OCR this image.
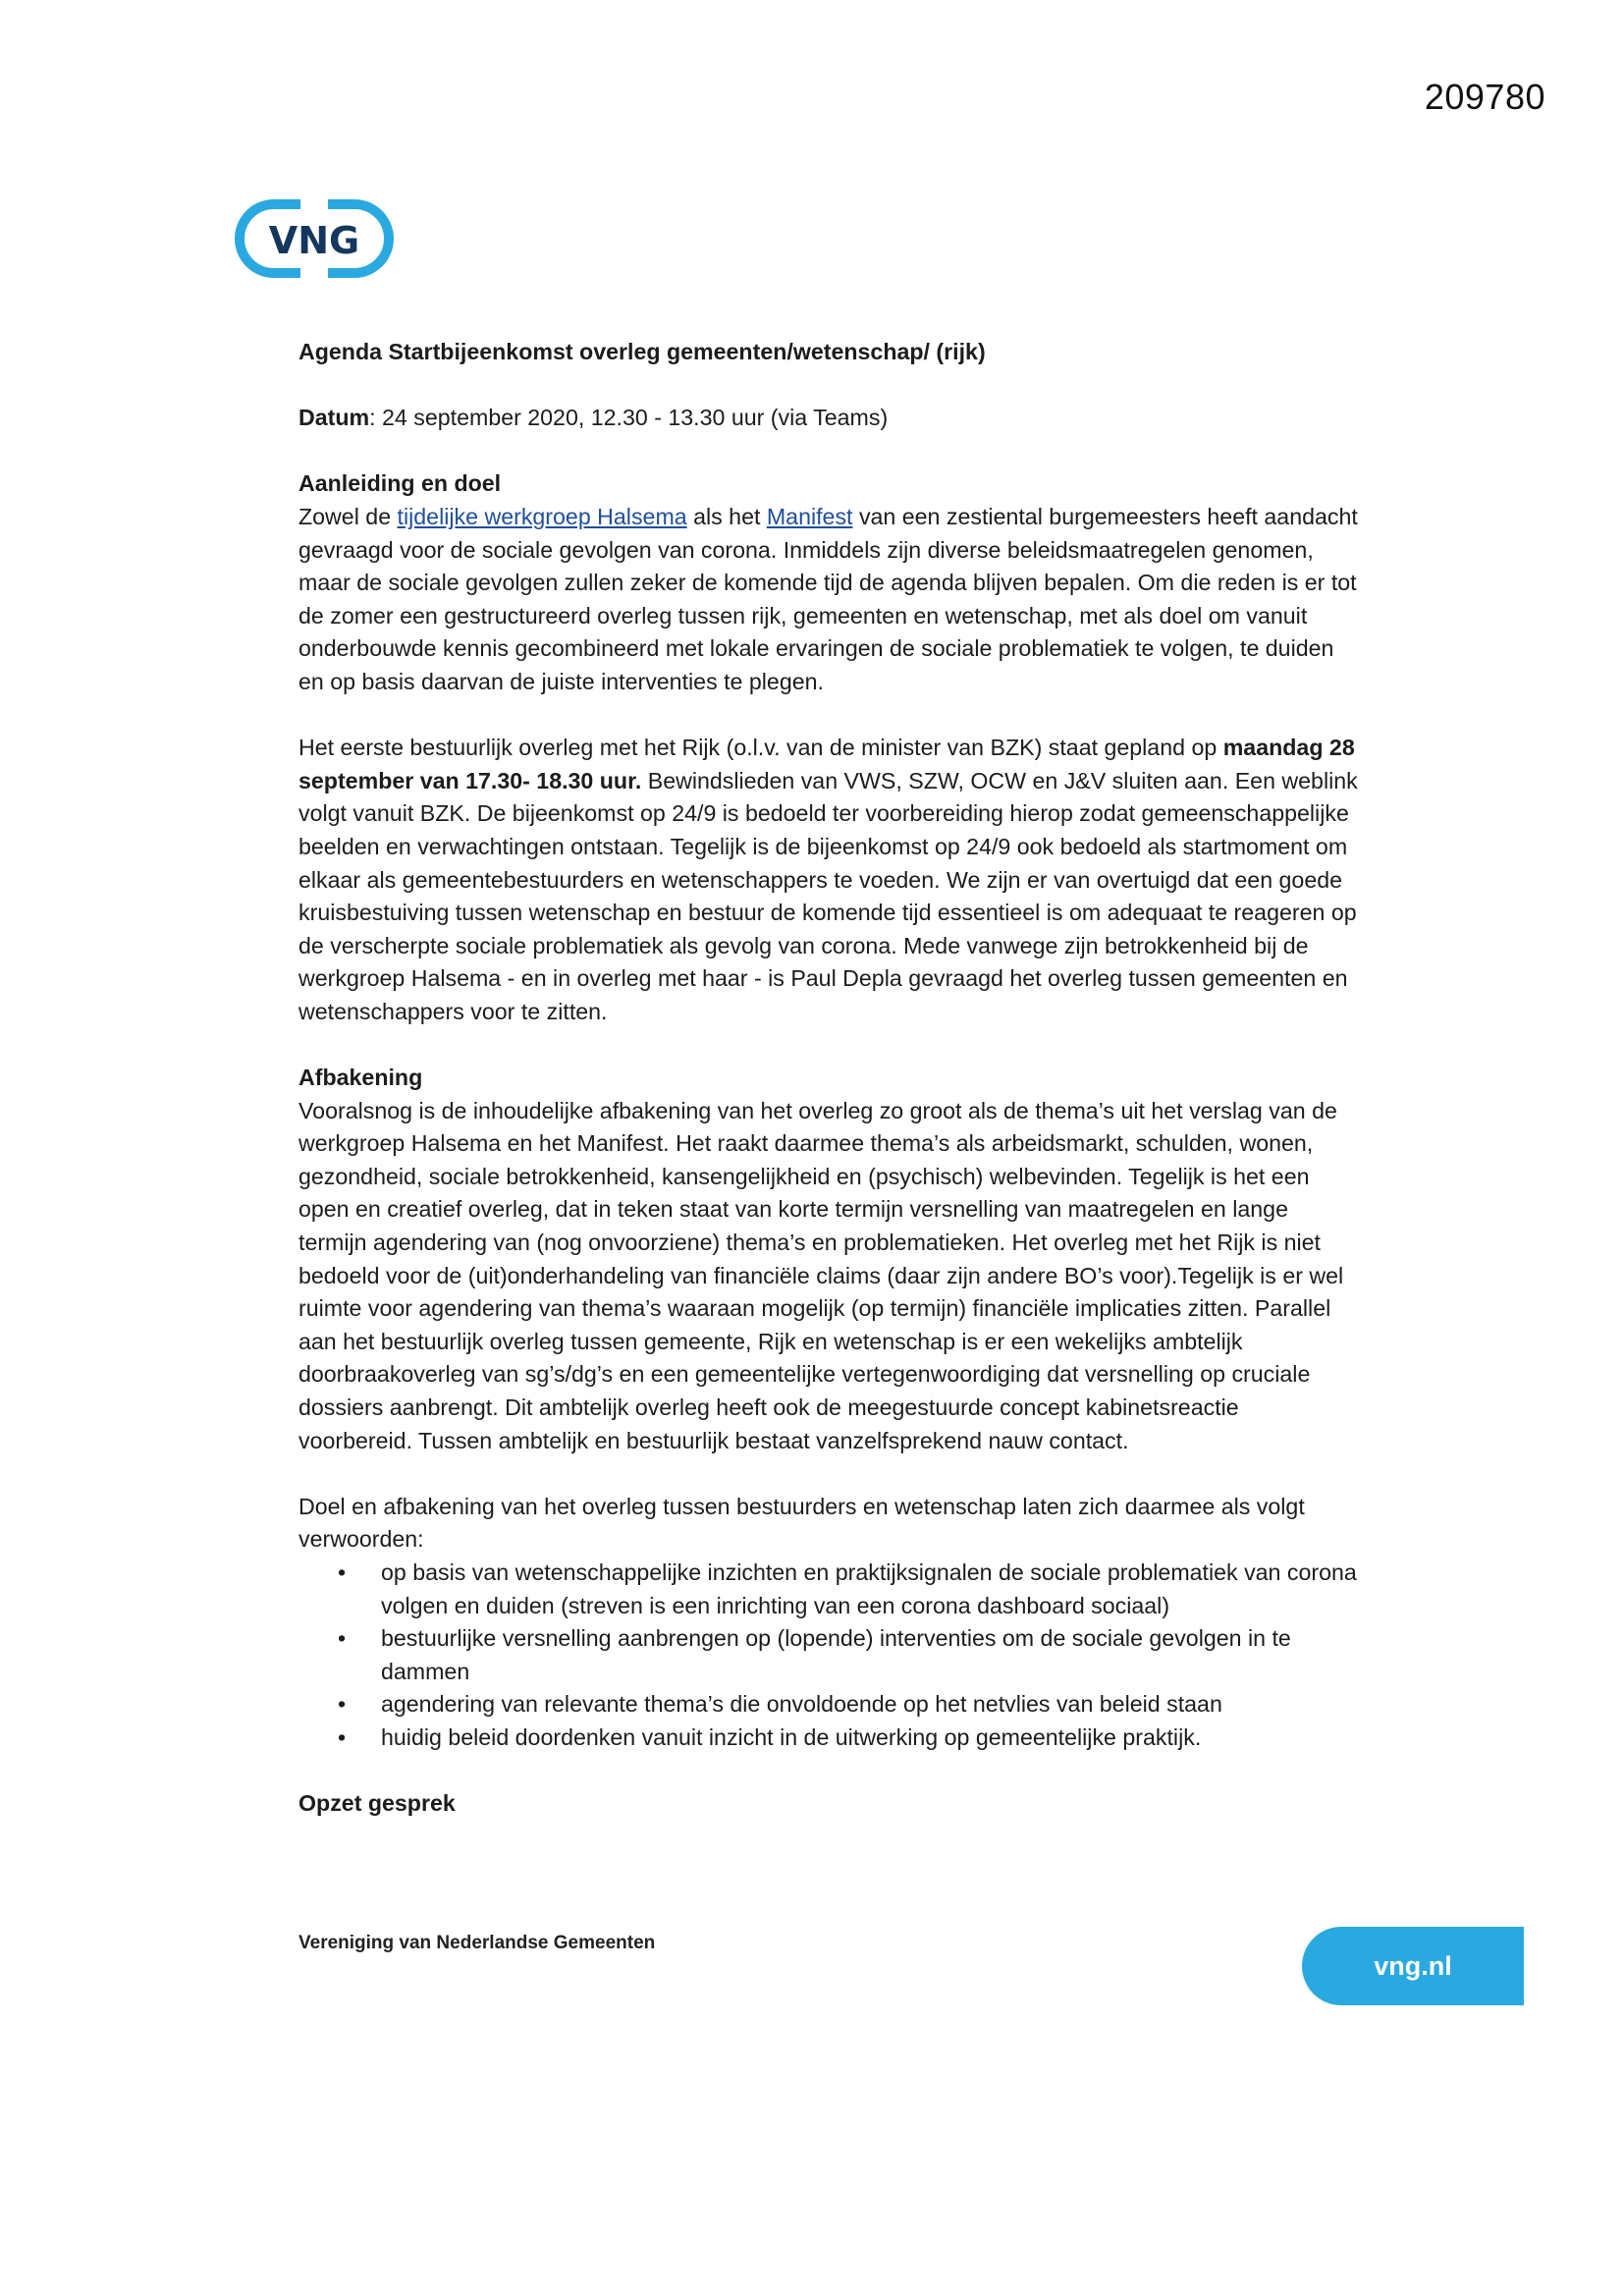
209780
VNG

Agenda Startbijeenkomst overleg gemeenten/wetenschap/ (rijk)

Datum: 24 september 2020, 12.30 - 13.30 uur (via Teams)

Aanleiding en doel

Zowel de tijdelijke werkgroep Halsema als het Manifest van een zestiental burgemeesters heeft aandacht gevraagd voor de sociale gevolgen van corona. Inmiddels zijn diverse beleidsmaatregelen genomen, maar de sociale gevolgen zullen zeker de komende tijd de agenda blijven bepalen. Om die reden is er tot de zomer een gestructureerd overleg tussen rijk, gemeenten en wetenschap, met als doel om vanuit onderbouwde kennis gecombineerd met lokale ervaringen de sociale problematiek te volgen, te duiden en op basis daarvan de juiste interventies te plegen.

Het eerste bestuurlijk overleg met het Rijk (o.l.v. van de minister van BZK) staat gepland op maandag 28 september van 17.30- 18.30 uur. Bewindslieden van VWS, SZW, OCW en J&V sluiten aan. Een weblink volgt vanuit BZK. De bijeenkomst op 24/9 is bedoeld ter voorbereiding hierop zodat gemeenschappelijke beelden en verwachtingen ontstaan. Tegelijk is de bijeenkomst op 24/9 ook bedoeld als startmoment om elkaar als gemeentebestuurders en wetenschappers te voeden. We zijn er van overtuigd dat een goede kruisbestuiving tussen wetenschap en bestuur de komende tijd essentieel is om adequaat te reageren op de verscherpte sociale problematiek als gevolg van corona. Mede vanwege zijn betrokkenheid bij de werkgroep Halsema - en in overleg met haar - is Paul Depla gevraagd het overleg tussen gemeenten en wetenschappers voor te zitten.

Afbakening

Vooralsnog is de inhoudelijke afbakening van het overleg zo groot als de thema’s uit het verslag van de werkgroep Halsema en het Manifest. Het raakt daarmee thema’s als arbeidsmarkt, schulden, wonen, gezondheid, sociale betrokkenheid, kansengelijkheid en (psychisch) welbevinden. Tegelijk is het een open en creatief overleg, dat in teken staat van korte termijn versnelling van maatregelen en lange termijn agendering van (nog onvoorziene) thema’s en problematieken. Het overleg met het Rijk is niet bedoeld voor de (uit)onderhandeling van financiële claims (daar zijn andere BO’s voor).Tegelijk is er wel ruimte voor agendering van thema’s waaraan mogelijk (op termijn) financiële implicaties zitten. Parallel aan het bestuurlijk overleg tussen gemeente, Rijk en wetenschap is er een wekelijks ambtelijk doorbraakoverleg van sg’s/dg’s en een gemeentelijke vertegenwoordiging dat versnelling op cruciale dossiers aanbrengt. Dit ambtelijk overleg heeft ook de meegestuurde concept kabinetsreactie voorbereid. Tussen ambtelijk en bestuurlijk bestaat vanzelfsprekend nauw contact.

Doel en afbakening van het overleg tussen bestuurders en wetenschap laten zich daarmee als volgt verwoorden:

• op basis van wetenschappelijke inzichten en praktijksignalen de sociale problematiek van corona volgen en duiden (streven is een inrichting van een corona dashboard sociaal)
• bestuurlijke versnelling aanbrengen op (lopende) interventies om de sociale gevolgen in te dammen
• agendering van relevante thema’s die onvoldoende op het netvlies van beleid staan
• huidig beleid doordenken vanuit inzicht in de uitwerking op gemeentelijke praktijk.

Opzet gesprek

Vereniging van Nederlandse Gemeenten
vng.nl
